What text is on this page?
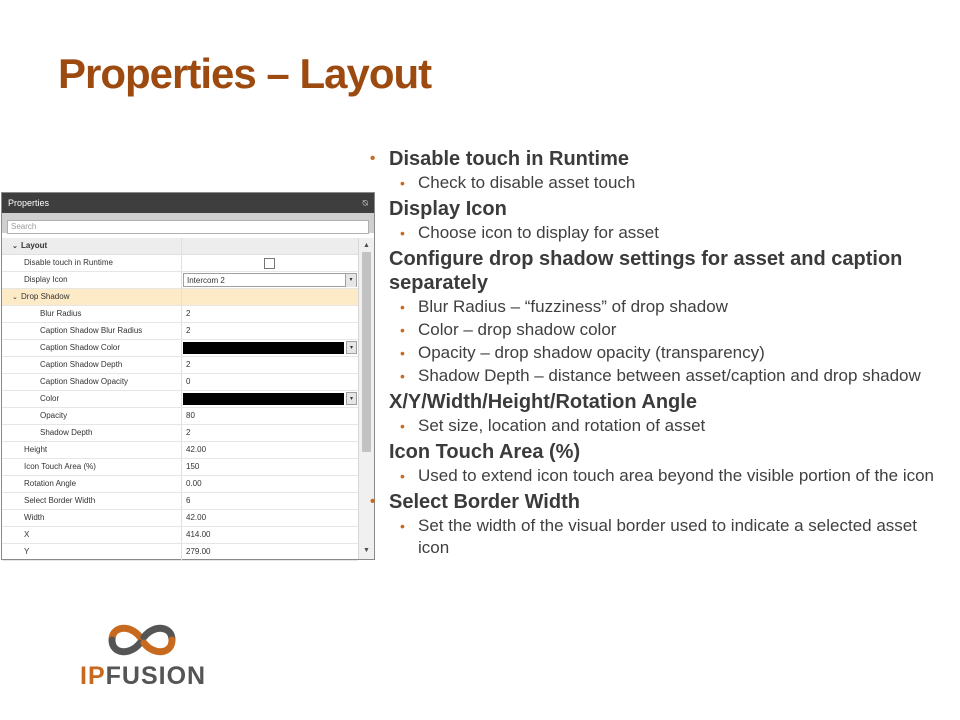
Properties – Layout
Properties	⍉
Search
⌄ Layout
Disable touch in Runtime
Display Icon	Intercom 2	▾
⌄ Drop Shadow
Blur Radius	2
Caption Shadow Blur Radius	2
Caption Shadow Color	▾
Caption Shadow Depth	2
Caption Shadow Opacity	0
Color	▾
Opacity	80
Shadow Depth	2
Height	42.00
Icon Touch Area (%)	150
Rotation Angle	0.00
Select Border Width	6
Width	42.00
X	414.00
Y	279.00
▲
▼
• Disable touch in Runtime
• Check to disable asset touch
Display Icon
• Choose icon to display for asset
Configure drop shadow settings for asset and caption separately
• Blur Radius – “fuzziness” of drop shadow
• Color – drop shadow color
• Opacity – drop shadow opacity (transparency)
• Shadow Depth – distance between asset/caption and drop shadow
X/Y/Width/Height/Rotation Angle
• Set size, location and rotation of asset
Icon Touch Area (%)
• Used to extend icon touch area beyond the visible portion of the icon
• Select Border Width
• Set the width of the visual border used to indicate a selected asset icon
IPFUSION
